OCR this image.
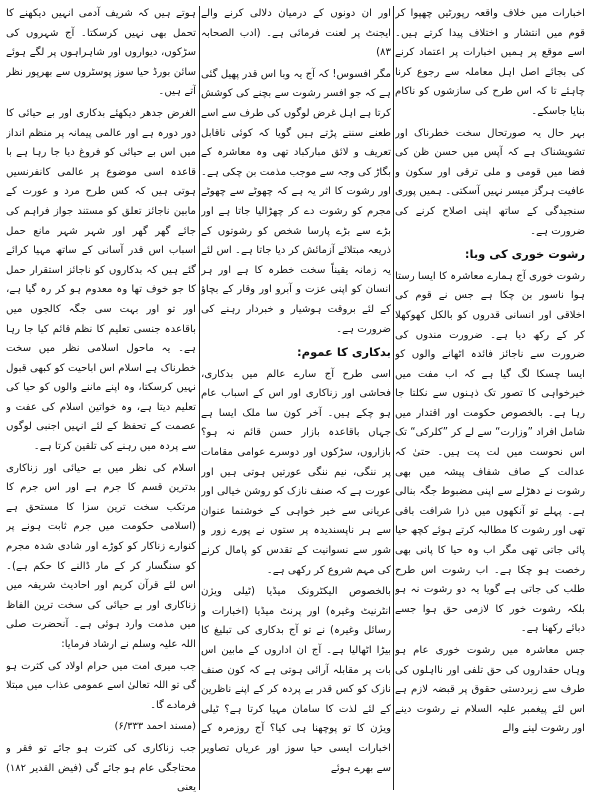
اخبارات میں خلاف واقعہ رپورٹیں چھپوا کر قوم میں انتشار و اختلاف پیدا کرتے ہیں۔ اسے موقع پر ہمیں اخبارات پر اعتماد کرنے کی بجائے اصل اہل معاملہ سے رجوع کرنا چاہئے تا کہ اس طرح کی سازشوں کو ناکام بنایا جاسکے۔

بہر حال یہ صورتحال سخت خطرناک اور تشویشناک ہے کہ آپس میں حسن ظن کی فضا میں قومی و ملی ترقی اور سکون و عافیت ہرگز میسر نہیں آسکتی۔ ہمیں پوری سنجیدگی کے ساتھ اپنی اصلاح کرنے کی ضرورت ہے۔

رشوت خوری کی وبا:

رشوت خوری آج ہمارے معاشرہ کا ایسا رستا ہوا ناسور بن چکا ہے جس نے قوم کی اخلاقی اور انسانی قدروں کو بالکل کھوکھلا کر کے رکھ دیا ہے۔ ضرورت مندوں کی ضرورت سے ناجائز فائدہ اٹھانے والوں کو ایسا چسکا لگ گیا ہے کہ اب مفت میں خیرخواہی کا تصور تک ذہنوں سے نکلتا جا رہا ہے۔ بالخصوص حکومت اور اقتدار میں شامل افراد ”وزارت“ سے لے کر ”کلرکی“ تک اس نحوست میں لت پت ہیں۔ حتیٰ کہ عدالت کے صاف شفاف پیشہ میں بھی رشوت نے دھڑلے سے اپنی مضبوط جگہ بنالی ہے۔ پہلے تو آنکھوں میں ذرا شرافت باقی تھی اور رشوت کا مطالبہ کرتے ہوئے کچھ حیا پائی جاتی تھی مگر اب وہ حیا کا پانی بھی رخصت ہو چکا ہے۔ اب رشوت اس طرح طلب کی جاتی ہے گویا یہ دو رشوت نہ ہو بلکہ رشوت خور کا لازمی حق ہوا جسے دبائے رکھنا ہے۔

جس معاشرہ میں رشوت خوری عام ہو وہاں حقداروں کی حق تلفی اور نااہلوں کی طرف سے زبردستی حقوق پر قبضہ لازم ہے اس لئے پیغمبر علیہ السلام نے رشوت دینے اور رشوت لینے والے

اور ان دونوں کے درمیان دلالی کرنے والے ایجنٹ پر لعنت فرمائی ہے۔ (ادب الصحابہ ۸۳)

مگر افسوس! کہ آج یہ وبا اس قدر پھیل گئی ہے کہ جو افسر رشوت سے بچنے کی کوشش کرتا ہے اہل غرض لوگوں کی طرف سے اسے طعنے سننے پڑتے ہیں گویا کہ کوئی ناقابل تعریف و لائق مبارکباد تھی وہ معاشرہ کے بگاڑ کی وجہ سے موجب مذمت بن چکی ہے۔ اور رشوت کا اثر یہ ہے کہ چھوٹے سے چھوٹے مجرم کو رشوت دے کر چھڑالیا جاتا ہے اور بڑے سے بڑے پارسا شخص کو رشوتوں کے ذریعہ مبتلائے آزمائش کر دیا جاتا ہے۔ اس لئے یہ زمانہ یقیناً سخت خطرہ کا ہے اور ہر انسان کو اپنی عزت و آبرو اور وقار کے بچاؤ کے لئے بروقت ہوشیار و خبردار رہنے کی ضرورت ہے۔

بدکاری کا عموم:

اسی طرح آج سارے عالم میں بدکاری، فحاشی اور زناکاری اور اس کے اسباب عام ہو چکے ہیں۔ آخر کون سا ملک ایسا ہے جہاں باقاعدہ بازار حسن قائم نہ ہو؟ بازاروں، سڑکوں اور دوسرے عوامی مقامات پر ننگی، نیم ننگی عورتیں ہوتی ہیں اور عورت ہے کہ صنف نازک کو روشن خیالی اور عریانی سے خیر خواہی کے خوشنما عنوان سے ہر ناپسندیدہ پر ستوں نے پورے زور و شور سے نسوانیت کے تقدس کو پامال کرنے کی مہم شروع کر رکھی ہے۔

بالخصوص الیکٹرونک میڈیا (ٹیلی ویژن انٹرنیٹ وغیرہ) اور پرنٹ میڈیا (اخبارات و رسائل وغیرہ) نے تو آج بدکاری کی تبلیغ کا بیڑا اٹھالیا ہے۔ آج ان اداروں کے مابین اس بات پر مقابلہ آرائی ہوتی ہے کہ کون صنف نازک کو کس قدر بے پردہ کر کے اپنے ناظرین کے لئے لذت کا سامان مہیا کرتا ہے؟ ٹیلی ویژن کا تو پوچھنا ہی کیا؟ آج روزمرہ کے اخبارات ایسی حیا سوز اور عریاں تصاویر سے بھرے ہوئے

ہوتے ہیں کہ شریف آدمی انہیں دیکھنے کا تحمل بھی نہیں کرسکتا۔ آج شہروں کی سڑکوں، دیواروں اور شاہراہوں پر لگے ہوئے سائن بورڈ حیا سوز پوسٹروں سے بھرپور نظر آتے ہیں۔

الغرض جدھر دیکھئے بدکاری اور بے حیائی کا دور دورہ ہے اور عالمی پیمانہ پر منظم انداز میں اس بے حیائی کو فروغ دیا جا رہا ہے با قاعدہ اسی موضوع پر عالمی کانفرنسیں ہوتی ہیں کہ کس طرح مرد و عورت کے مابین ناجائز تعلق کو مستند جواز فراہم کی جائے گھر گھر اور شہر شہر مانع حمل اسباب اس قدر آسانی کے ساتھ مہیا کرائے گئے ہیں کہ بدکاروں کو ناجائز استقرار حمل کا جو خوف تھا وہ معدوم ہو کر رہ گیا ہے، اور تو اور بہت سی جگہ کالجوں میں باقاعدہ جنسی تعلیم کا نظم قائم کیا جا رہا ہے۔ یہ ماحول اسلامی نظر میں سخت خطرناک ہے اسلام اس اباحیت کو کبھی قبول نہیں کرسکتا، وہ اپنے ماننے والوں کو حیا کی تعلیم دیتا ہے، وہ خواتین اسلام کی عفت و عصمت کے تحفظ کے لئے انہیں اجنبی لوگوں سے پردہ میں رہنے کی تلقین کرتا ہے۔

اسلام کی نظر میں بے حیائی اور زناکاری بدترین قسم کا جرم ہے اور اس جرم کا مرتکب سخت ترین سزا کا مستحق ہے (اسلامی حکومت میں جرم ثابت ہونے پر کنوارے زناکار کو کوڑے اور شادی شدہ مجرم کو سنگسار کر کے مار ڈالنے کا حکم ہے)۔ اس لئے قرآن کریم اور احادیث شریفہ میں زناکاری اور بے حیائی کی سخت ترین الفاظ میں مذمت وارد ہوئی ہے۔ آنحضرت صلی اللہ علیہ وسلم نے ارشاد فرمایا:

جب میری امت میں حرام اولاد کی کثرت ہو گی تو اللہ تعالیٰ اسے عمومی عذاب میں مبتلا فرمادے گا۔

(مسند احمد ۶/۳۳۳)

جب زناکاری کی کثرت ہو جائے تو فقر و محتاجگی عام ہو جائے گی (فیض القدیر ۱۸۲) یعنی
